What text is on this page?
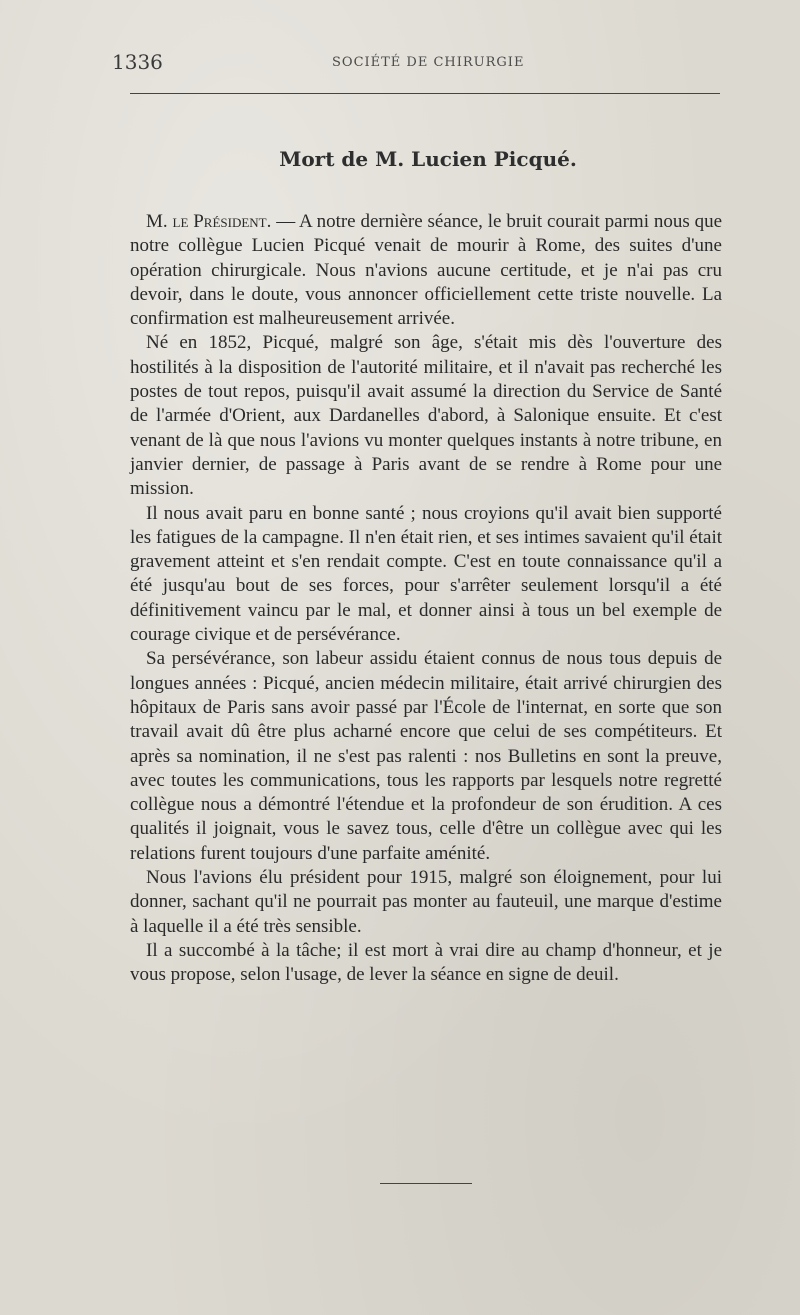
1336	SOCIÉTÉ DE CHIRURGIE
Mort de M. Lucien Picqué.

M. le Président. — A notre dernière séance, le bruit courait parmi nous que notre collègue Lucien Picqué venait de mourir à Rome, des suites d'une opération chirurgicale. Nous n'avions aucune certitude, et je n'ai pas cru devoir, dans le doute, vous annoncer officiellement cette triste nouvelle. La confirmation est malheureusement arrivée.

Né en 1852, Picqué, malgré son âge, s'était mis dès l'ouverture des hostilités à la disposition de l'autorité militaire, et il n'avait pas recherché les postes de tout repos, puisqu'il avait assumé la direction du Service de Santé de l'armée d'Orient, aux Dardanelles d'abord, à Salonique ensuite. Et c'est venant de là que nous l'avions vu monter quelques instants à notre tribune, en janvier dernier, de passage à Paris avant de se rendre à Rome pour une mission.

Il nous avait paru en bonne santé ; nous croyions qu'il avait bien supporté les fatigues de la campagne. Il n'en était rien, et ses intimes savaient qu'il était gravement atteint et s'en rendait compte. C'est en toute connaissance qu'il a été jusqu'au bout de ses forces, pour s'arrêter seulement lorsqu'il a été définitivement vaincu par le mal, et donner ainsi à tous un bel exemple de courage civique et de persévérance.

Sa persévérance, son labeur assidu étaient connus de nous tous depuis de longues années : Picqué, ancien médecin militaire, était arrivé chirurgien des hôpitaux de Paris sans avoir passé par l'École de l'internat, en sorte que son travail avait dû être plus acharné encore que celui de ses compétiteurs. Et après sa nomination, il ne s'est pas ralenti : nos Bulletins en sont la preuve, avec toutes les communications, tous les rapports par lesquels notre regretté collègue nous a démontré l'étendue et la profondeur de son érudition. A ces qualités il joignait, vous le savez tous, celle d'être un collègue avec qui les relations furent toujours d'une parfaite aménité.

Nous l'avions élu président pour 1915, malgré son éloignement, pour lui donner, sachant qu'il ne pourrait pas monter au fauteuil, une marque d'estime à laquelle il a été très sensible.

Il a succombé à la tâche; il est mort à vrai dire au champ d'honneur, et je vous propose, selon l'usage, de lever la séance en signe de deuil.
